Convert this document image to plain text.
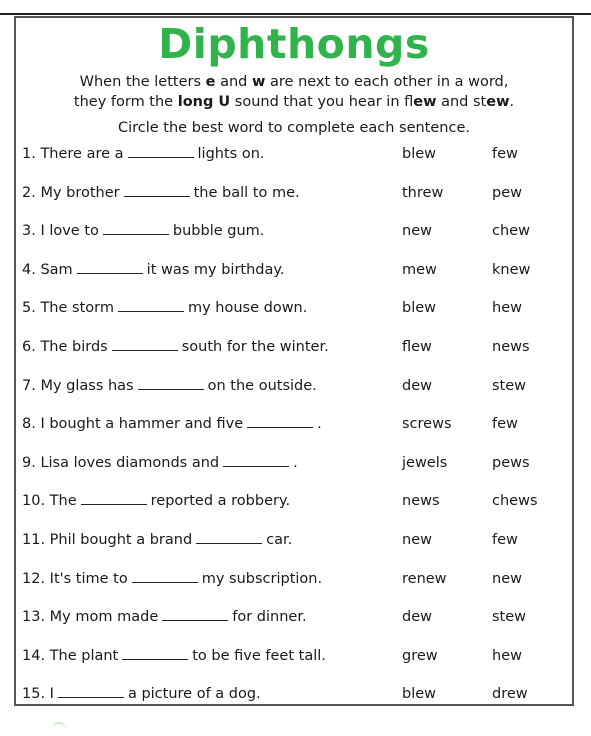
Diphthongs
When the letters e and w are next to each other in a word,
they form the long U sound that you hear in flew and stew.
Circle the best word to complete each sentence.
1. There are a	lights on.	blew	few
2. My brother	the ball to me.	threw	pew
3. I love to	bubble gum.	new	chew
4. Sam	it was my birthday.	mew	knew
5. The storm	my house down.	blew	hew
6. The birds	south for the winter.	flew	news
7. My glass has	on the outside.	dew	stew
8. I bought a hammer and five	.	screws	few
9. Lisa loves diamonds and	.	jewels	pews
10. The	reported a robbery.	news	chews
11. Phil bought a brand	car.	new	few
12. It's time to	my subscription.	renew	new
13. My mom made	for dinner.	dew	stew
14. The plant	to be five feet tall.	grew	hew
15. I	a picture of a dog.	blew	drew
